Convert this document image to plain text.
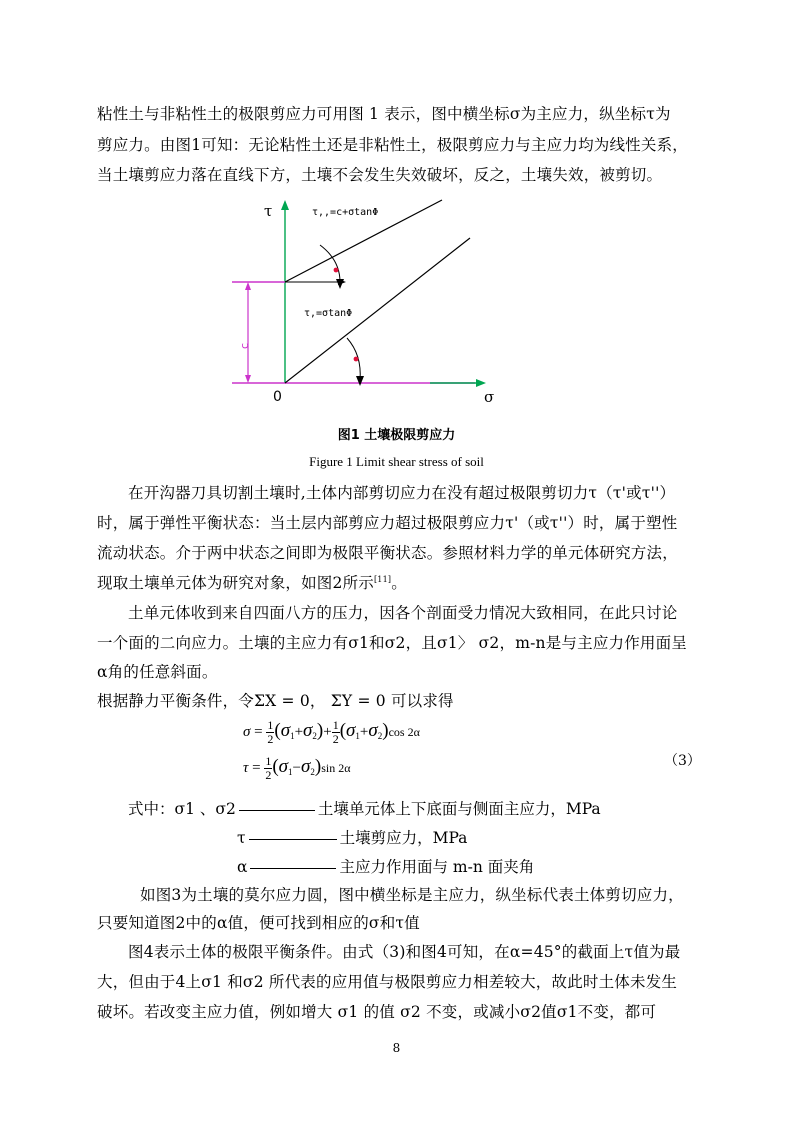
粘性土与非粘性土的极限剪应力可用图 1 表示，图中横坐标σ为主应力，纵坐标τ为
剪应力。由图1可知：无论粘性土还是非粘性土，极限剪应力与主应力均为线性关系，
当土壤剪应力落在直线下方，土壤不会发生失效破坏，反之，土壤失效，被剪切。
c
τ
σ
0
τ,,=c+σtanΦ
τ,=σtanΦ
图1 土壤极限剪应力
Figure 1 Limit shear stress of soil
在开沟器刀具切割土壤时,土体内部剪切应力在没有超过极限剪切力τ（τ'或τ''）
时，属于弹性平衡状态：当土层内部剪应力超过极限剪应力τ'（或τ''）时，属于塑性
流动状态。介于两中状态之间即为极限平衡状态。参照材料力学的单元体研究方法，
现取土壤单元体为研究对象，如图2所示[11]。
土单元体收到来自四面八方的压力，因各个剖面受力情况大致相同，在此只讨论
一个面的二向应力。土壤的主应力有σ1和σ2，且σ1〉 σ2，m-n是与主应力作用面呈
α角的任意斜面。
根据静力平衡条件，令ΣX = 0， ΣY = 0 可以求得
$\sigma = \frac{1}{2} (\sigma_1+\sigma_2)+ \frac{1}{2} (\sigma_1+\sigma_2)\cos$ 2α
$\tau = \frac{1}{2} (\sigma_1-\sigma_2)\sin$ 2α	（3）
式中：σ1 、σ2	土壤单元体上下底面与侧面主应力，MPa
τ	土壤剪应力，MPa
α	主应力作用面与 m-n 面夹角
如图3为土壤的莫尔应力圆，图中横坐标是主应力，纵坐标代表土体剪切应力，
只要知道图2中的α值，便可找到相应的σ和τ值
图4表示土体的极限平衡条件。由式（3)和图4可知，在α=45°的截面上τ值为最
大，但由于4上σ1 和σ2 所代表的应用值与极限剪应力相差较大，故此时土体未发生
破坏。若改变主应力值，例如增大 σ1 的值 σ2 不变，或减小σ2值σ1不变，都可
8
